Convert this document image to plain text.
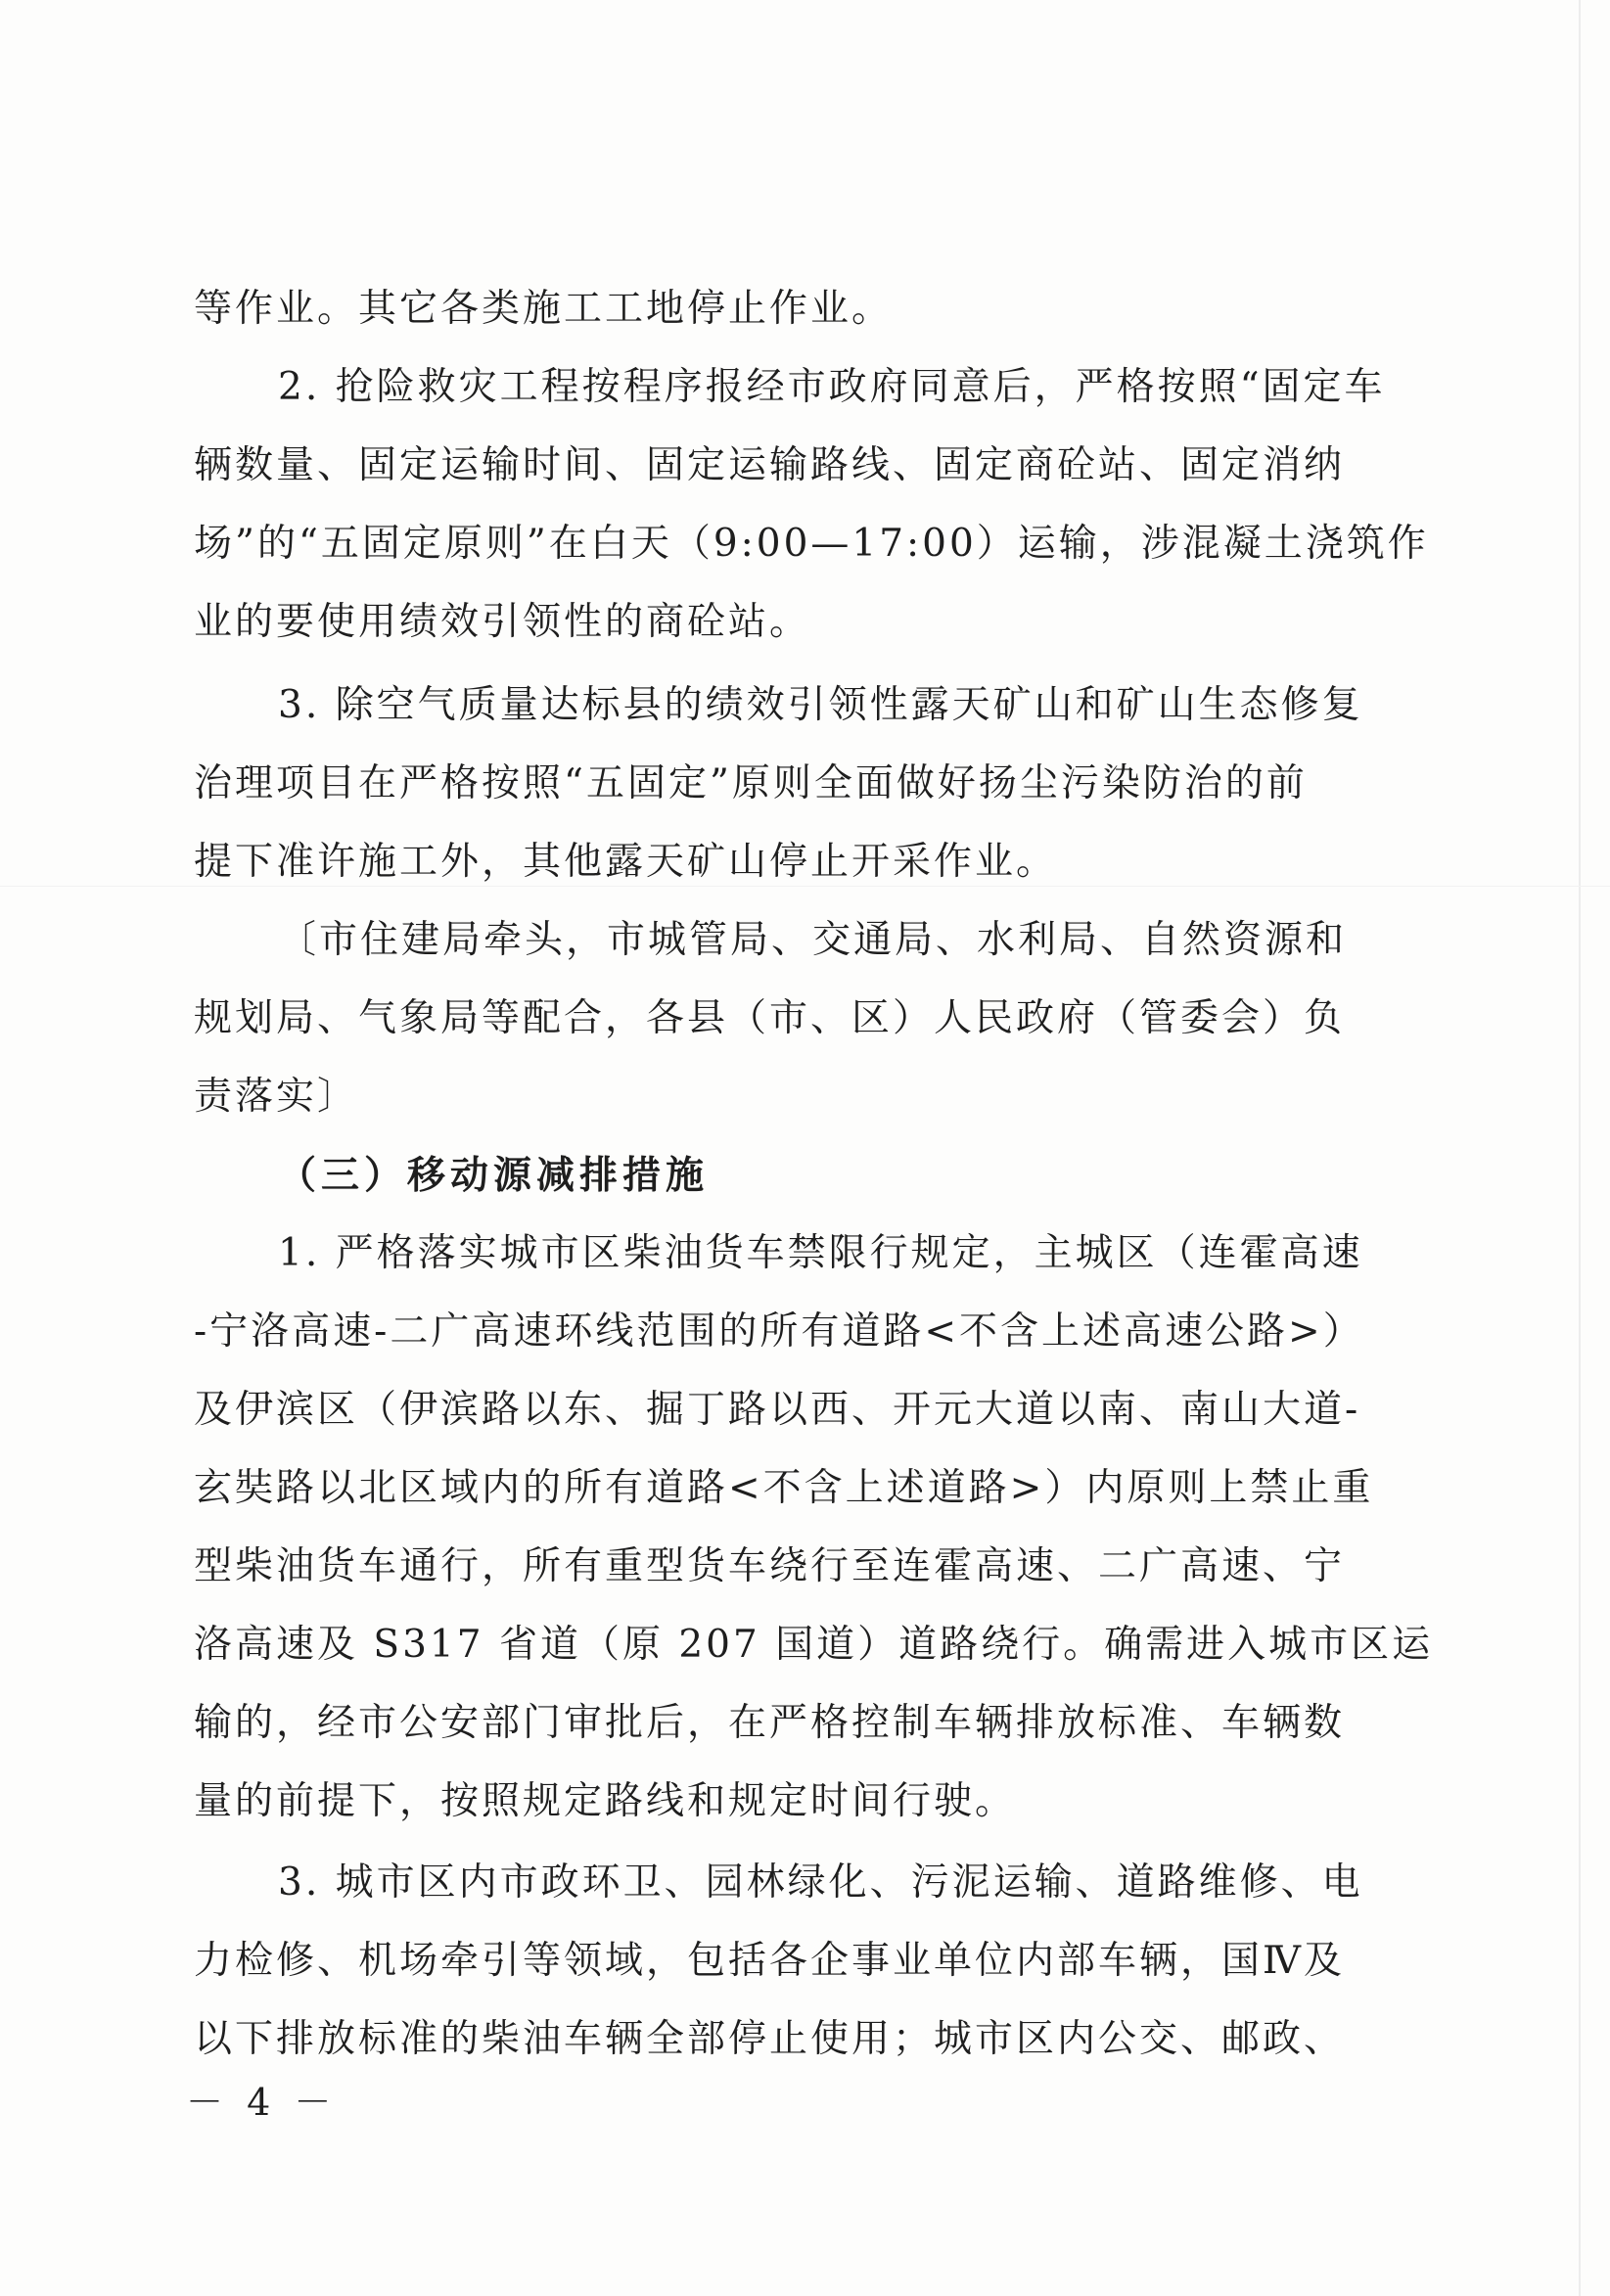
等作业。其它各类施工工地停止作业。
2. 抢险救灾工程按程序报经市政府同意后，严格按照“固定车
辆数量、固定运输时间、固定运输路线、固定商砼站、固定消纳
场”的“五固定原则”在白天（9:00—17:00）运输，涉混凝土浇筑作
业的要使用绩效引领性的商砼站。
3. 除空气质量达标县的绩效引领性露天矿山和矿山生态修复
治理项目在严格按照“五固定”原则全面做好扬尘污染防治的前
提下准许施工外，其他露天矿山停止开采作业。
〔市住建局牵头，市城管局、交通局、水利局、自然资源和
规划局、气象局等配合，各县（市、区）人民政府（管委会）负
责落实〕
（三）移动源减排措施
1. 严格落实城市区柴油货车禁限行规定，主城区（连霍高速
-宁洛高速-二广高速环线范围的所有道路<不含上述高速公路>）
及伊滨区（伊滨路以东、掘丁路以西、开元大道以南、南山大道-
玄奘路以北区域内的所有道路<不含上述道路>）内原则上禁止重
型柴油货车通行，所有重型货车绕行至连霍高速、二广高速、宁
洛高速及 S317 省道（原 207 国道）道路绕行。确需进入城市区运
输的，经市公安部门审批后，在严格控制车辆排放标准、车辆数
量的前提下，按照规定路线和规定时间行驶。
3. 城市区内市政环卫、园林绿化、污泥运输、道路维修、电
力检修、机场牵引等领域，包括各企事业单位内部车辆，国Ⅳ及
以下排放标准的柴油车辆全部停止使用；城市区内公交、邮政、
－ 4 －
